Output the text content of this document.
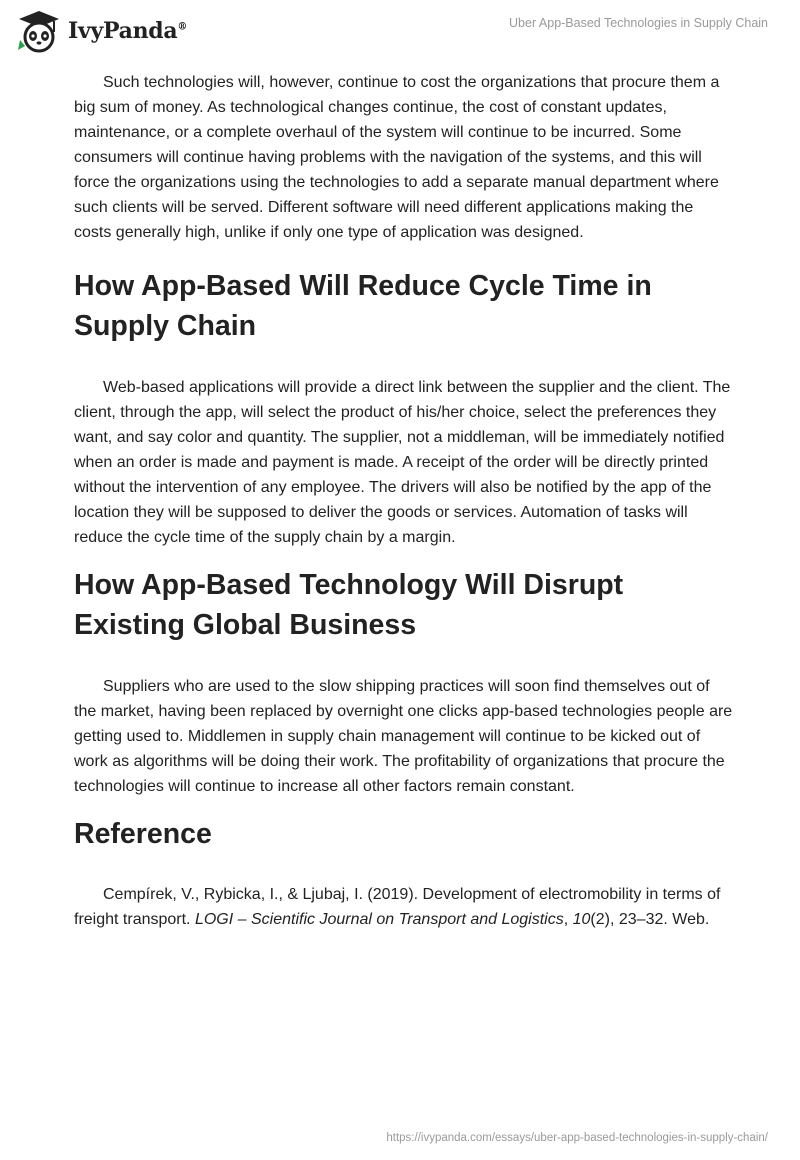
IvyPanda®	Uber App-Based Technologies in Supply Chain

Such technologies will, however, continue to cost the organizations that procure them a big sum of money. As technological changes continue, the cost of constant updates, maintenance, or a complete overhaul of the system will continue to be incurred. Some consumers will continue having problems with the navigation of the systems, and this will force the organizations using the technologies to add a separate manual department where such clients will be served. Different software will need different applications making the costs generally high, unlike if only one type of application was designed.

How App-Based Will Reduce Cycle Time in Supply Chain

Web-based applications will provide a direct link between the supplier and the client. The client, through the app, will select the product of his/her choice, select the preferences they want, and say color and quantity. The supplier, not a middleman, will be immediately notified when an order is made and payment is made. A receipt of the order will be directly printed without the intervention of any employee. The drivers will also be notified by the app of the location they will be supposed to deliver the goods or services. Automation of tasks will reduce the cycle time of the supply chain by a margin.

How App-Based Technology Will Disrupt Existing Global Business

Suppliers who are used to the slow shipping practices will soon find themselves out of the market, having been replaced by overnight one clicks app-based technologies people are getting used to. Middlemen in supply chain management will continue to be kicked out of work as algorithms will be doing their work. The profitability of organizations that procure the technologies will continue to increase all other factors remain constant.

Reference

Cempírek, V., Rybicka, I., & Ljubaj, I. (2019). Development of electromobility in terms of freight transport. LOGI – Scientific Journal on Transport and Logistics, 10(2), 23–32. Web.

https://ivypanda.com/essays/uber-app-based-technologies-in-supply-chain/
